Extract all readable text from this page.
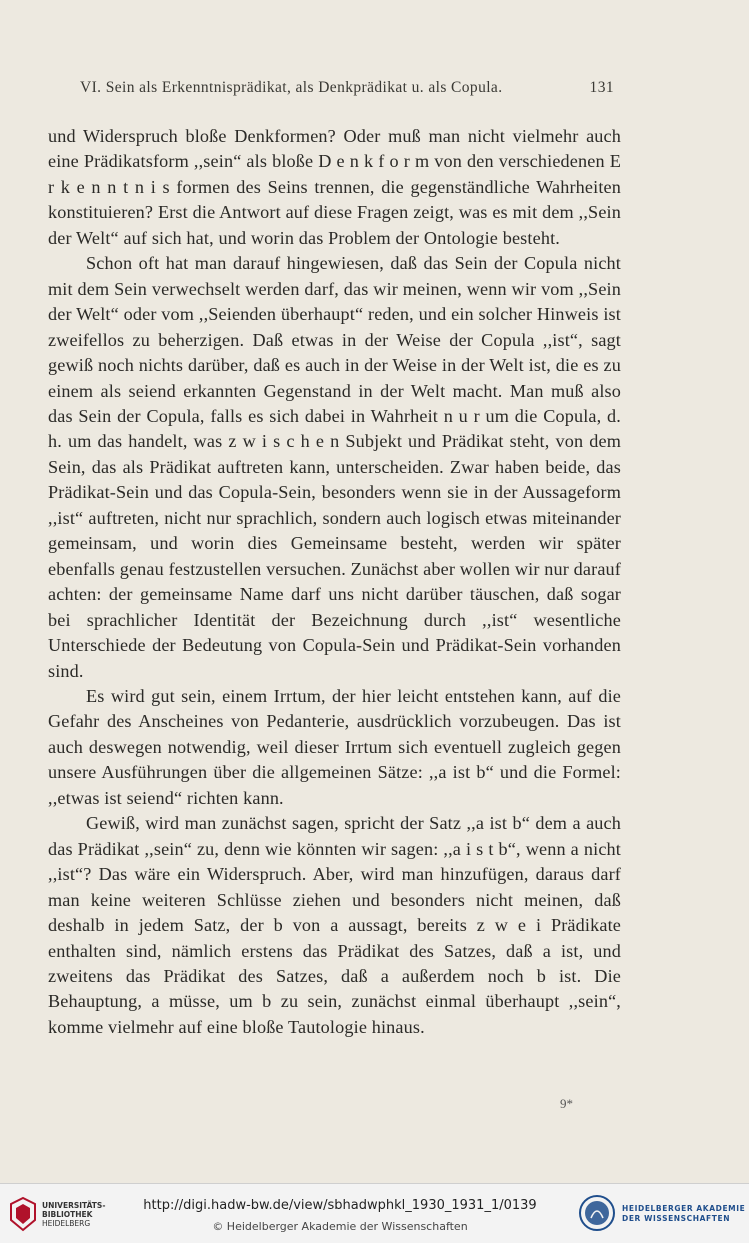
VI. Sein als Erkenntnisprädikat, als Denkprädikat u. als Copula.	131

und Widerspruch bloße Denkformen? Oder muß man nicht vielmehr auch eine Prädikatsform ,,sein“ als bloße D e n k f o r m von den verschiedenen E r k e n n t n i s formen des Seins trennen, die gegenständliche Wahrheiten konstituieren? Erst die Antwort auf diese Fragen zeigt, was es mit dem ,,Sein der Welt“ auf sich hat, und worin das Problem der Ontologie besteht.

Schon oft hat man darauf hingewiesen, daß das Sein der Copula nicht mit dem Sein verwechselt werden darf, das wir meinen, wenn wir vom ,,Sein der Welt“ oder vom ,,Seienden überhaupt“ reden, und ein solcher Hinweis ist zweifellos zu beherzigen. Daß etwas in der Weise der Copula ,,ist“, sagt gewiß noch nichts darüber, daß es auch in der Weise in der Welt ist, die es zu einem als seiend erkannten Gegenstand in der Welt macht. Man muß also das Sein der Copula, falls es sich dabei in Wahrheit n u r um die Copula, d. h. um das handelt, was z w i s c h e n Subjekt und Prädikat steht, von dem Sein, das als Prädikat auftreten kann, unterscheiden. Zwar haben beide, das Prädikat-Sein und das Copula-Sein, besonders wenn sie in der Aussageform ,,ist“ auftreten, nicht nur sprachlich, sondern auch logisch etwas miteinander gemeinsam, und worin dies Gemeinsame besteht, werden wir später ebenfalls genau festzustellen versuchen. Zunächst aber wollen wir nur darauf achten: der gemeinsame Name darf uns nicht darüber täuschen, daß sogar bei sprachlicher Identität der Bezeichnung durch ,,ist“ wesentliche Unterschiede der Bedeutung von Copula-Sein und Prädikat-Sein vorhanden sind.

Es wird gut sein, einem Irrtum, der hier leicht entstehen kann, auf die Gefahr des Anscheines von Pedanterie, ausdrücklich vorzubeugen. Das ist auch deswegen notwendig, weil dieser Irrtum sich eventuell zugleich gegen unsere Ausführungen über die allgemeinen Sätze: ,,a ist b“ und die Formel: ,,etwas ist seiend“ richten kann.

Gewiß, wird man zunächst sagen, spricht der Satz ,,a ist b“ dem a auch das Prädikat ,,sein“ zu, denn wie könnten wir sagen: ,,a i s t b“, wenn a nicht ,,ist“? Das wäre ein Widerspruch. Aber, wird man hinzufügen, daraus darf man keine weiteren Schlüsse ziehen und besonders nicht meinen, daß deshalb in jedem Satz, der b von a aussagt, bereits z w e i Prädikate enthalten sind, nämlich erstens das Prädikat des Satzes, daß a ist, und zweitens das Prädikat des Satzes, daß a außerdem noch b ist. Die Behauptung, a müsse, um b zu sein, zunächst einmal überhaupt ,,sein“, komme vielmehr auf eine bloße Tautologie hinaus.

9*
UNIVERSITÄTS-
BIBLIOTHEK
HEIDELBERG
http://digi.hadw-bw.de/view/sbhadwphkl_1930_1931_1/0139
© Heidelberger Akademie der Wissenschaften
HEIDELBERGER AKADEMIE
DER WISSENSCHAFTEN
